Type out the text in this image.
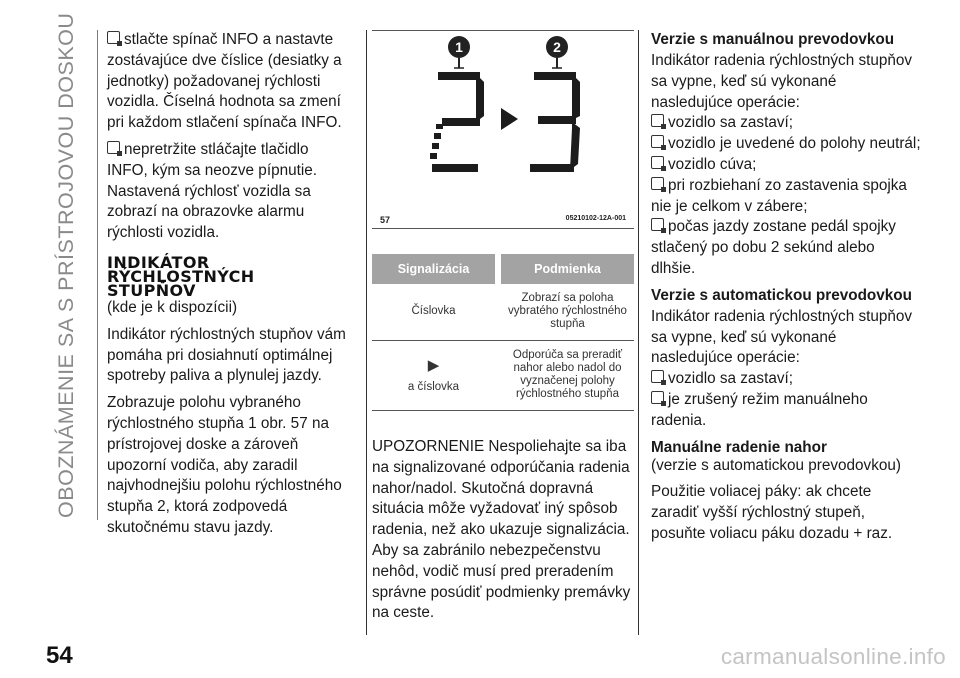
OBOZNÁMENIE SA S PRÍSTROJOVOU DOSKOU	stlačte spínač INFO a nastavte zostávajúce dve číslice (desiatky a jednotky) požadovanej rýchlosti vozidla. Číselná hodnota sa zmení pri každom stlačení spínača INFO.

nepretržite stláčajte tlačidlo INFO, kým sa neozve pípnutie. Nastavená rýchlosť vozidla sa zobrazí na obrazovke alarmu rýchlosti vozidla.

INDIKÁTOR
RÝCHLOSTNÝCH
STUPŇOV

(kde je k dispozícii)

Indikátor rýchlostných stupňov vám pomáha pri dosiahnutí optimálnej spotreby paliva a plynulej jazdy.

Zobrazuje polohu vybraného rýchlostného stupňa 1 obr. 57 na prístrojovej doske a zároveň upozorní vodiča, aby zaradil najvhodnejšiu polohu rýchlostného stupňa 2, ktorá zodpovedá skutočnému stavu jazdy.

1	2
57	05210102-12A-001
Signalizácia		Podmienka
Číslovka		Zobrazí sa poloha vybratého rýchlostného stupňa

▶
a číslovka		Odporúča sa preradiť nahor alebo nadol do vyznačenej polohy rýchlostného stupňa
UPOZORNENIE Nespoliehajte sa iba na signalizované odporúčania radenia nahor/nadol. Skutočná dopravná situácia môže vyžadovať iný spôsob radenia, než ako ukazuje signalizácia. Aby sa zabránilo nebezpečenstvu nehôd, vodič musí pred preradením správne posúdiť podmienky premávky na ceste.
Verzie s manuálnou prevodovkou

Indikátor radenia rýchlostných stupňov sa vypne, keď sú vykonané nasledujúce operácie:

vozidlo sa zastaví;
vozidlo je uvedené do polohy neutrál;
vozidlo cúva;
pri rozbiehaní zo zastavenia spojka nie je celkom v zábere;
počas jazdy zostane pedál spojky stlačený po dobu 2 sekúnd alebo dlhšie.
Verzie s automatickou prevodovkou

Indikátor radenia rýchlostných stupňov sa vypne, keď sú vykonané nasledujúce operácie:

vozidlo sa zastaví;
je zrušený režim manuálneho radenia.
Manuálne radenie nahor

(verzie s automatickou prevodovkou)

Použitie voliacej páky: ak chcete zaradiť vyšší rýchlostný stupeň, posuňte voliacu páku dozadu + raz.

54	carmanualsonline.info
